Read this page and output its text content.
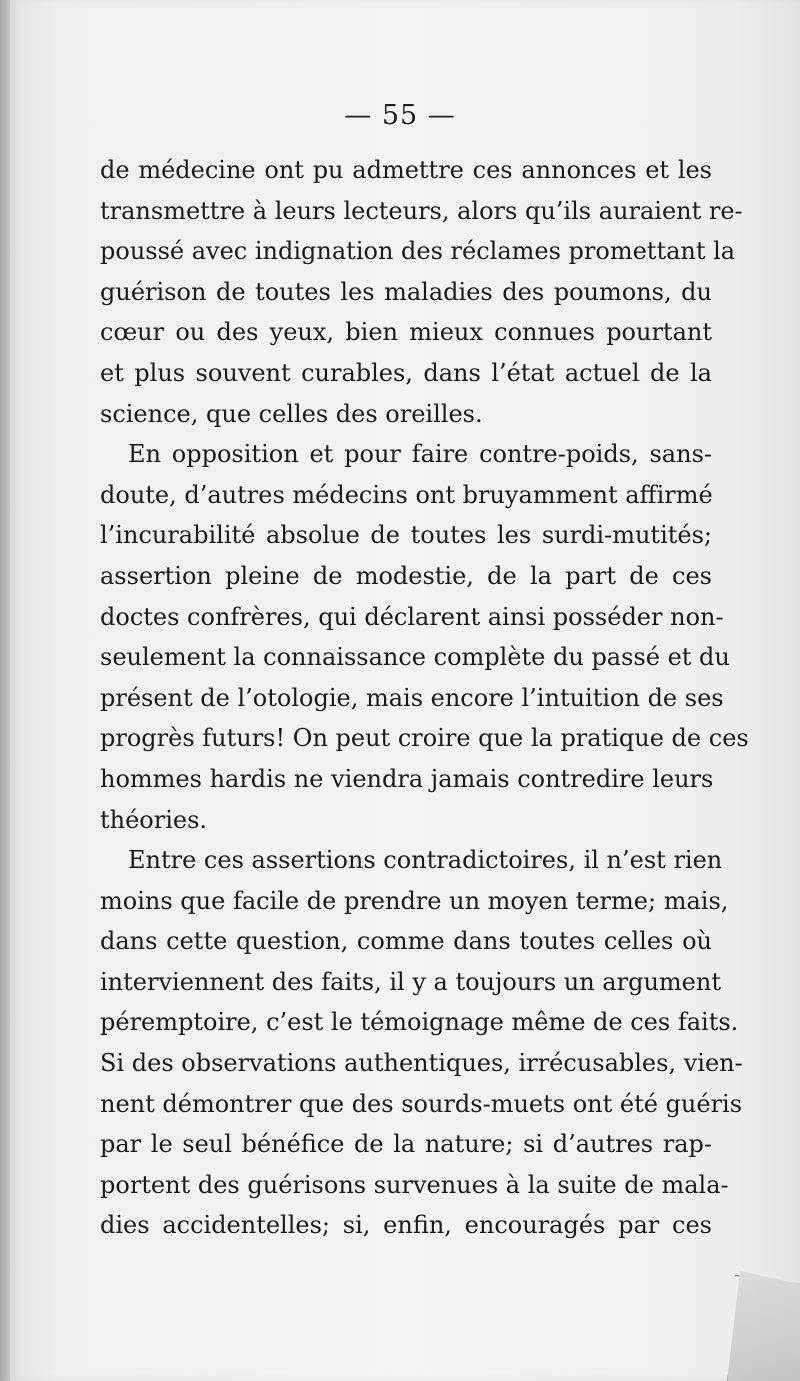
— 55 —
de médecine ont pu admettre ces annonces et les
transmettre à leurs lecteurs, alors qu’ils auraient re-
poussé avec indignation des réclames promettant la
guérison de toutes les maladies des poumons, du
cœur ou des yeux, bien mieux connues pourtant
et plus souvent curables, dans l’état actuel de la
science, que celles des oreilles.
En opposition et pour faire contre-poids, sans-
doute, d’autres médecins ont bruyamment affirmé
l’incurabilité absolue de toutes les surdi-mutités;
assertion pleine de modestie, de la part de ces
doctes confrères, qui déclarent ainsi posséder non-
seulement la connaissance complète du passé et du
présent de l’otologie, mais encore l’intuition de ses
progrès futurs! On peut croire que la pratique de ces
hommes hardis ne viendra jamais contredire leurs
théories.
Entre ces assertions contradictoires, il n’est rien
moins que facile de prendre un moyen terme; mais,
dans cette question, comme dans toutes celles où
interviennent des faits, il y a toujours un argument
péremptoire, c’est le témoignage même de ces faits.
Si des observations authentiques, irrécusables, vien-
nent démontrer que des sourds-muets ont été guéris
par le seul bénéfice de la nature; si d’autres rap-
portent des guérisons survenues à la suite de mala-
dies accidentelles; si, enfin, encouragés par ces
